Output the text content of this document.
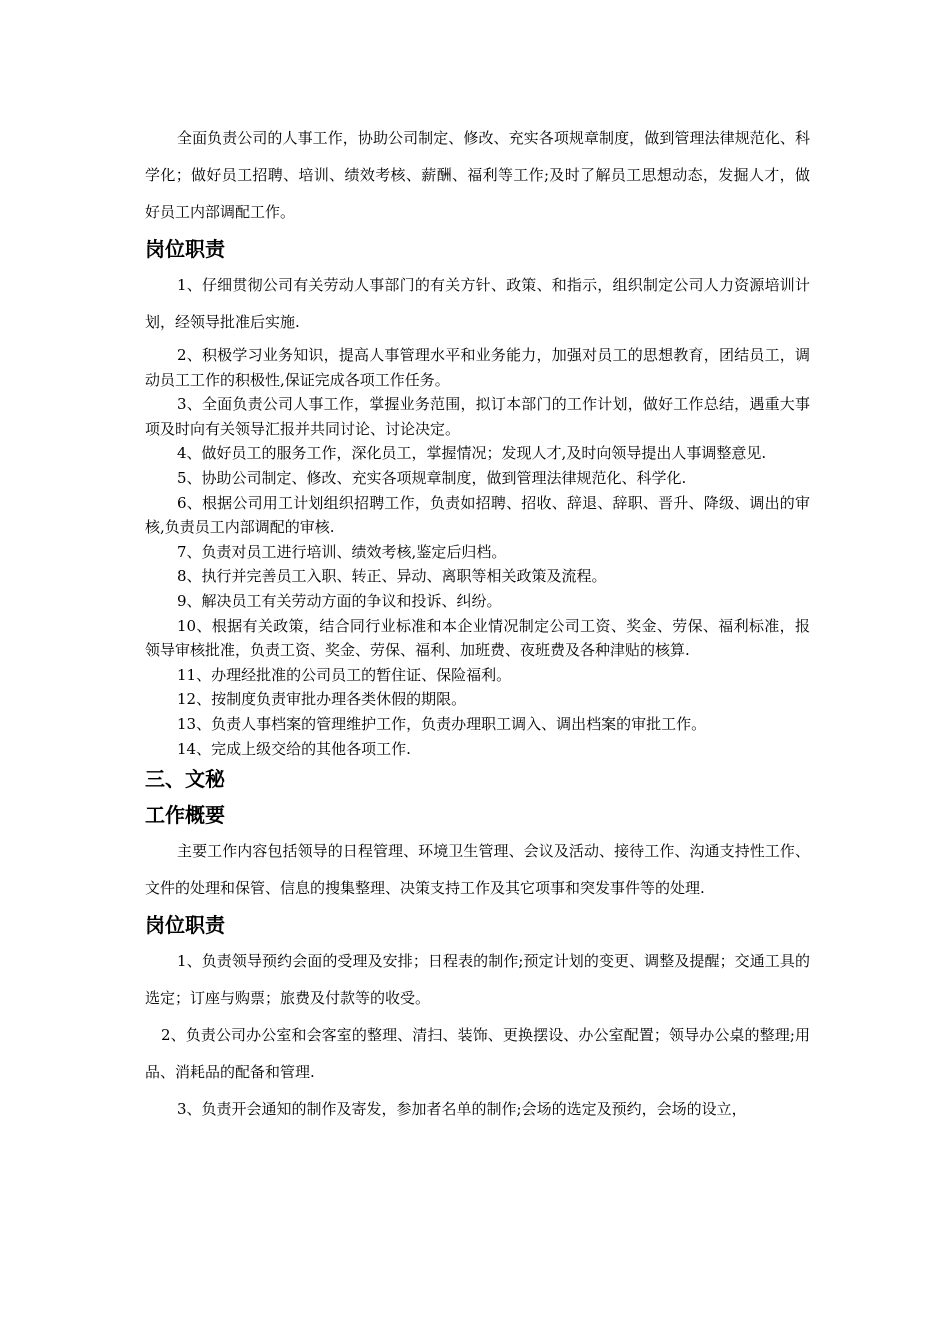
全面负责公司的人事工作，协助公司制定、修改、充实各项规章制度，做到管理法律规范化、科学化；做好员工招聘、培训、绩效考核、薪酬、福利等工作;及时了解员工思想动态，发掘人才，做好员工内部调配工作。

岗位职责

1、仔细贯彻公司有关劳动人事部门的有关方针、政策、和指示，组织制定公司人力资源培训计划，经领导批准后实施.

2、积极学习业务知识，提高人事管理水平和业务能力，加强对员工的思想教育，团结员工，调动员工工作的积极性,保证完成各项工作任务。

3、全面负责公司人事工作，掌握业务范围，拟订本部门的工作计划，做好工作总结，遇重大事项及时向有关领导汇报并共同讨论、讨论决定。

4、做好员工的服务工作，深化员工，掌握情况；发现人才,及时向领导提出人事调整意见.

5、协助公司制定、修改、充实各项规章制度，做到管理法律规范化、科学化.

6、根据公司用工计划组织招聘工作，负责如招聘、招收、辞退、辞职、晋升、降级、调出的审核,负责员工内部调配的审核.

7、负责对员工进行培训、绩效考核,鉴定后归档。

8、执行并完善员工入职、转正、异动、离职等相关政策及流程。

9、解决员工有关劳动方面的争议和投诉、纠纷。

10、根据有关政策，结合同行业标准和本企业情况制定公司工资、奖金、劳保、福利标准，报领导审核批准，负责工资、奖金、劳保、福利、加班费、夜班费及各种津贴的核算.

11、办理经批准的公司员工的暂住证、保险福利。

12、按制度负责审批办理各类休假的期限。

13、负责人事档案的管理维护工作，负责办理职工调入、调出档案的审批工作。

14、完成上级交给的其他各项工作.

三、文秘
工作概要

主要工作内容包括领导的日程管理、环境卫生管理、会议及活动、接待工作、沟通支持性工作、文件的处理和保管、信息的搜集整理、决策支持工作及其它项事和突发事件等的处理.

岗位职责

1、负责领导预约会面的受理及安排；日程表的制作;预定计划的变更、调整及提醒；交通工具的选定；订座与购票；旅费及付款等的收受。

2、负责公司办公室和会客室的整理、清扫、装饰、更换摆设、办公室配置；领导办公桌的整理;用品、消耗品的配备和管理.

3、负责开会通知的制作及寄发，参加者名单的制作;会场的选定及预约，会场的设立，
